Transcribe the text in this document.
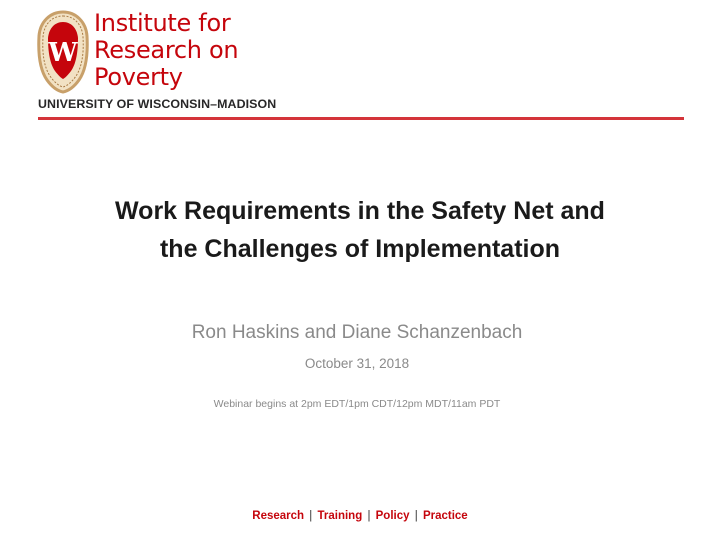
W
Institute for
Research on
Poverty
UNIVERSITY OF WISCONSIN–MADISON
Work Requirements in the Safety Net and
the Challenges of Implementation
Ron Haskins and Diane Schanzenbach
October 31, 2018
Webinar begins at 2pm EDT/1pm CDT/12pm MDT/11am PDT
Research | Training | Policy | Practice
